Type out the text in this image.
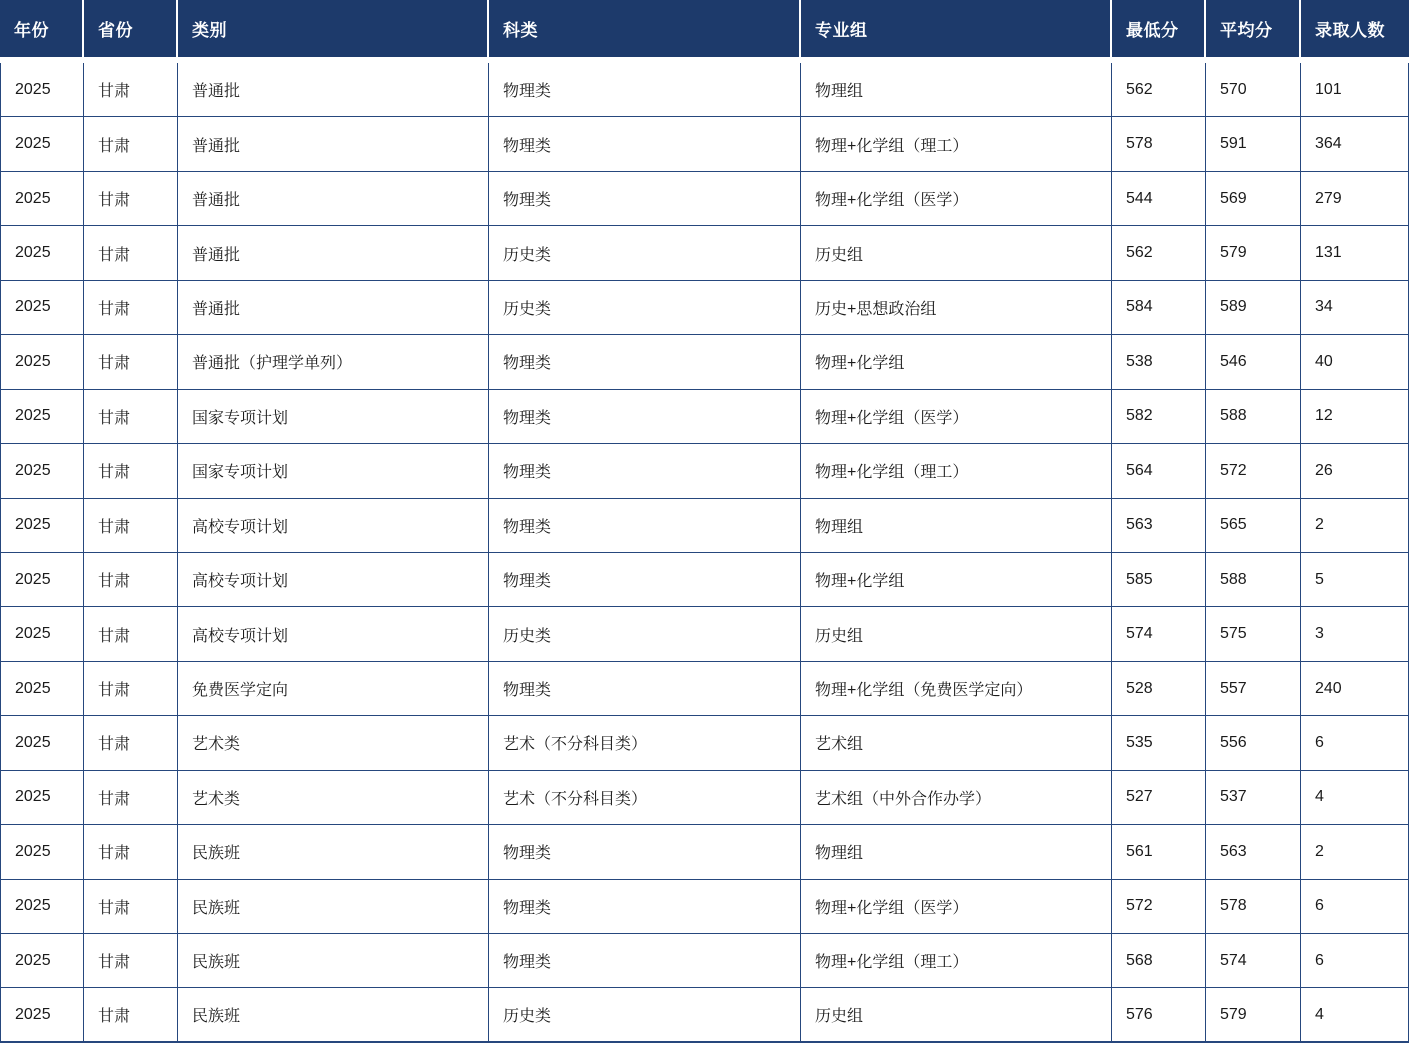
年份	省份	类别	科类	专业组	最低分	平均分	录取人数
2025	甘肃	普通批	物理类	物理组	562	570	101
2025	甘肃	普通批	物理类	物理+化学组（理工）	578	591	364
2025	甘肃	普通批	物理类	物理+化学组（医学）	544	569	279
2025	甘肃	普通批	历史类	历史组	562	579	131
2025	甘肃	普通批	历史类	历史+思想政治组	584	589	34
2025	甘肃	普通批（护理学单列）	物理类	物理+化学组	538	546	40
2025	甘肃	国家专项计划	物理类	物理+化学组（医学）	582	588	12
2025	甘肃	国家专项计划	物理类	物理+化学组（理工）	564	572	26
2025	甘肃	高校专项计划	物理类	物理组	563	565	2
2025	甘肃	高校专项计划	物理类	物理+化学组	585	588	5
2025	甘肃	高校专项计划	历史类	历史组	574	575	3
2025	甘肃	免费医学定向	物理类	物理+化学组（免费医学定向）	528	557	240
2025	甘肃	艺术类	艺术（不分科目类）	艺术组	535	556	6
2025	甘肃	艺术类	艺术（不分科目类）	艺术组（中外合作办学）	527	537	4
2025	甘肃	民族班	物理类	物理组	561	563	2
2025	甘肃	民族班	物理类	物理+化学组（医学）	572	578	6
2025	甘肃	民族班	物理类	物理+化学组（理工）	568	574	6
2025	甘肃	民族班	历史类	历史组	576	579	4
